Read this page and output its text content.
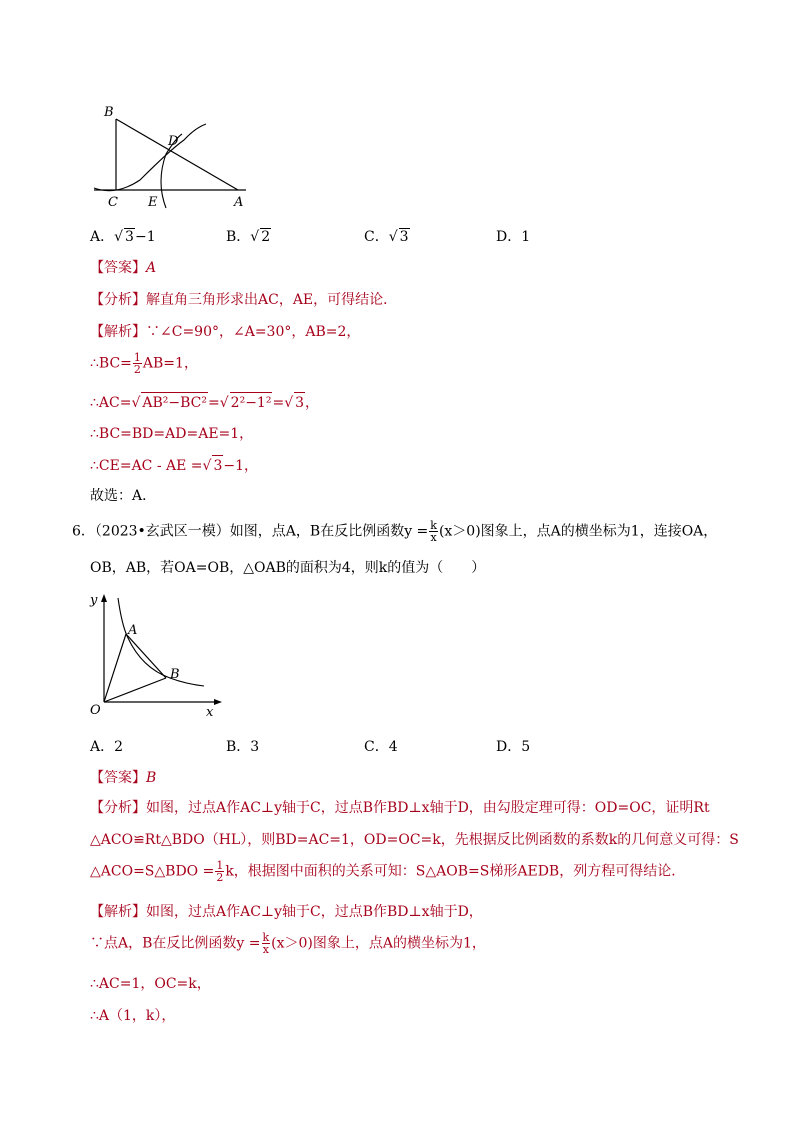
B
D
C E	A
A．√ 3−1	B．√ 2	C．√ 3	D．1
【答案】A
【分析】解直角三角形求出AC，AE，可得结论．
【解析】∵∠C=90°，∠A=30°，AB=2，
∴BC= $\frac{1}{2} AB=1$，
∴AC=√ AB²−BC²=√ 2²−1²=√ 3，
∴BC=BD=AD=AE=1，
∴CE=AC - AE =√ 3−1，
故选：A．
6．（2023•玄武区一模）如图，点A，B在反比例函数$y = \frac{k}{x} (x>0)$图象上，点A的横坐标为1，连接OA，
OB，AB，若OA=OB，△OAB的面积为4，则k的值为（　　）
y
A
B
O	x
A．2	B．3	C．4	D．5
【答案】B
【分析】如图，过点A作AC⊥y轴于C，过点B作BD⊥x轴于D，由勾股定理可得：OD=OC，证明Rt
△ACO≌Rt△BDO（HL），则BD=AC=1，OD=OC=k，先根据反比例函数的系数k的几何意义可得：S
△ACO=S△BDO = $\frac{1}{2}$ k，根据图中面积的关系可知：S△AOB=S梯形AEDB，列方程可得结论．
【解析】如图，过点A作AC⊥y轴于C，过点B作BD⊥x轴于D，
∵点A，B在反比例函数$y = \frac{k}{x} (x>0)$图象上，点A的横坐标为1，
∴AC=1，OC=k，
∴A（1，k），
